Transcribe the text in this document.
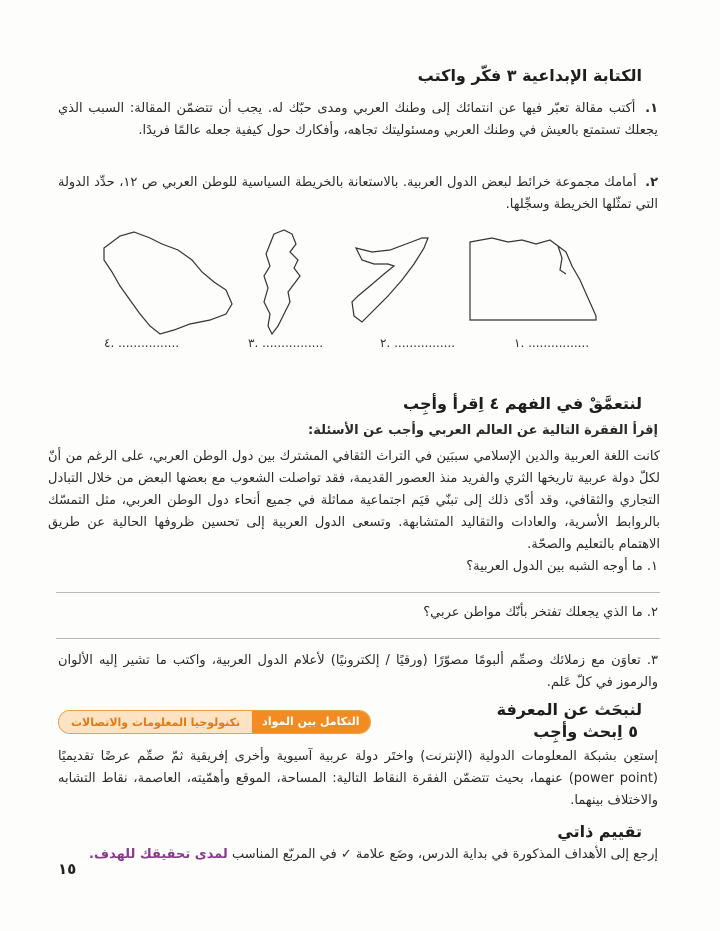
الكتابة الإبداعية ٣ فكّر واكتب
١. أكتب مقالة تعبّر فيها عن انتمائك إلى وطنك العربي ومدى حبّك له. يجب أن تتضمّن المقالة: السبب الذي يجعلك تستمتع بالعيش في وطنك العربي ومسئوليتك تجاهه، وأفكارك حول كيفية جعله عالمًا فريدًا.
٢. أمامك مجموعة خرائط لبعض الدول العربية. بالاستعانة بالخريطة السياسية للوطن العربي ص ١٢، حدِّد الدولة التي تمثّلها الخريطة وسجِّلها.
................ .١
................ .٢
................ .٣
................ .٤
لنتعمَّقْ في الفهم ٤ اِقرأ وأجِب
إقرأ الفقرة التالية عن العالم العربي وأجب عن الأسئلة:
كانت اللغة العربية والدين الإسلامي سببَين في التراث الثقافي المشترك بين دول الوطن العربي، على الرغم من أنّ لكلّ دولة عربية تاريخها الثري والفريد منذ العصور القديمة، فقد تواصلت الشعوب مع بعضها البعض من خلال التبادل التجاري والثقافي، وقد أدّى ذلك إلى تبنّي قيَم اجتماعية مماثلة في جميع أنحاء دول الوطن العربي، مثل التمسّك بالروابط الأسرية، والعادات والتقاليد المتشابهة. وتسعى الدول العربية إلى تحسين ظروفها الحالية عن طريق الاهتمام بالتعليم والصحّة.
١. ما أوجه الشبه بين الدول العربية؟
٢. ما الذي يجعلك تفتخر بأنّك مواطن عربي؟
٣. تعاوَن مع زملائك وصمِّم ألبومًا مصوّرًا (ورقيًا / إلكترونيًا) لأعلام الدول العربية، واكتب ما تشير إليه الألوان والرموز في كلّ عَلم.
لنبحَث عن المعرفة
٥ اِبحث وأجِب
التكامل بين المواد
تكنولوجيا المعلومات والاتصالات
إستعِن بشبكة المعلومات الدولية (الإنترنت) واختَر دولة عربية آسيوية وأخرى إفريقية ثمّ صمِّم عرضًا تقديميًا (power point) عنهما، بحيث تتضمّن الفقرة النقاط التالية: المساحة، الموقع وأهمّيته، العاصمة، نقاط التشابه والاختلاف بينهما.
تقييم ذاتي
إرجع إلى الأهداف المذكورة في بداية الدرس، وضَع علامة ✓ في المربّع المناسب لمدى تحقيقك للهدف.
١٥
